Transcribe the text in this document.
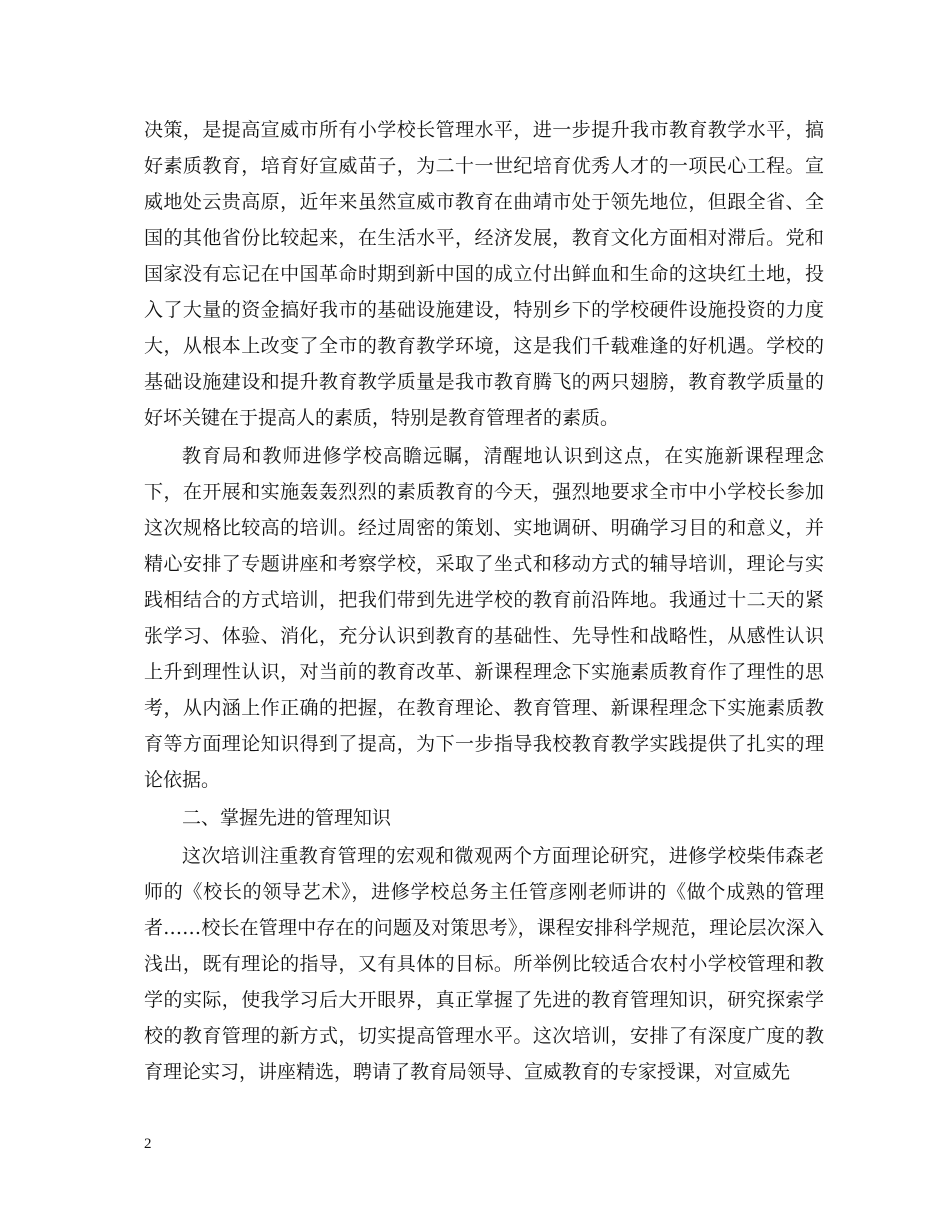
决策，是提高宣威市所有小学校长管理水平，进一步提升我市教育教学水平，搞好素质教育，培育好宣威苗子，为二十一世纪培育优秀人才的一项民心工程。宣威地处云贵高原，近年来虽然宣威市教育在曲靖市处于领先地位，但跟全省、全国的其他省份比较起来，在生活水平，经济发展，教育文化方面相对滞后。党和国家没有忘记在中国革命时期到新中国的成立付出鲜血和生命的这块红土地，投入了大量的资金搞好我市的基础设施建设，特别乡下的学校硬件设施投资的力度大，从根本上改变了全市的教育教学环境，这是我们千载难逢的好机遇。学校的基础设施建设和提升教育教学质量是我市教育腾飞的两只翅膀，教育教学质量的好坏关键在于提高人的素质，特别是教育管理者的素质。

教育局和教师进修学校高瞻远瞩，清醒地认识到这点，在实施新课程理念下，在开展和实施轰轰烈烈的素质教育的今天，强烈地要求全市中小学校长参加这次规格比较高的培训。经过周密的策划、实地调研、明确学习目的和意义，并精心安排了专题讲座和考察学校，采取了坐式和移动方式的辅导培训，理论与实践相结合的方式培训，把我们带到先进学校的教育前沿阵地。我通过十二天的紧张学习、体验、消化，充分认识到教育的基础性、先导性和战略性，从感性认识上升到理性认识，对当前的教育改革、新课程理念下实施素质教育作了理性的思考，从内涵上作正确的把握，在教育理论、教育管理、新课程理念下实施素质教育等方面理论知识得到了提高，为下一步指导我校教育教学实践提供了扎实的理论依据。

二、掌握先进的管理知识

这次培训注重教育管理的宏观和微观两个方面理论研究，进修学校柴伟森老师的《校长的领导艺术》，进修学校总务主任管彦刚老师讲的《做个成熟的管理者……校长在管理中存在的问题及对策思考》，课程安排科学规范，理论层次深入浅出，既有理论的指导，又有具体的目标。所举例比较适合农村小学校管理和教学的实际，使我学习后大开眼界，真正掌握了先进的教育管理知识，研究探索学校的教育管理的新方式，切实提高管理水平。这次培训，安排了有深度广度的教育理论实习，讲座精选，聘请了教育局领导、宣威教育的专家授课，对宣威先

2
